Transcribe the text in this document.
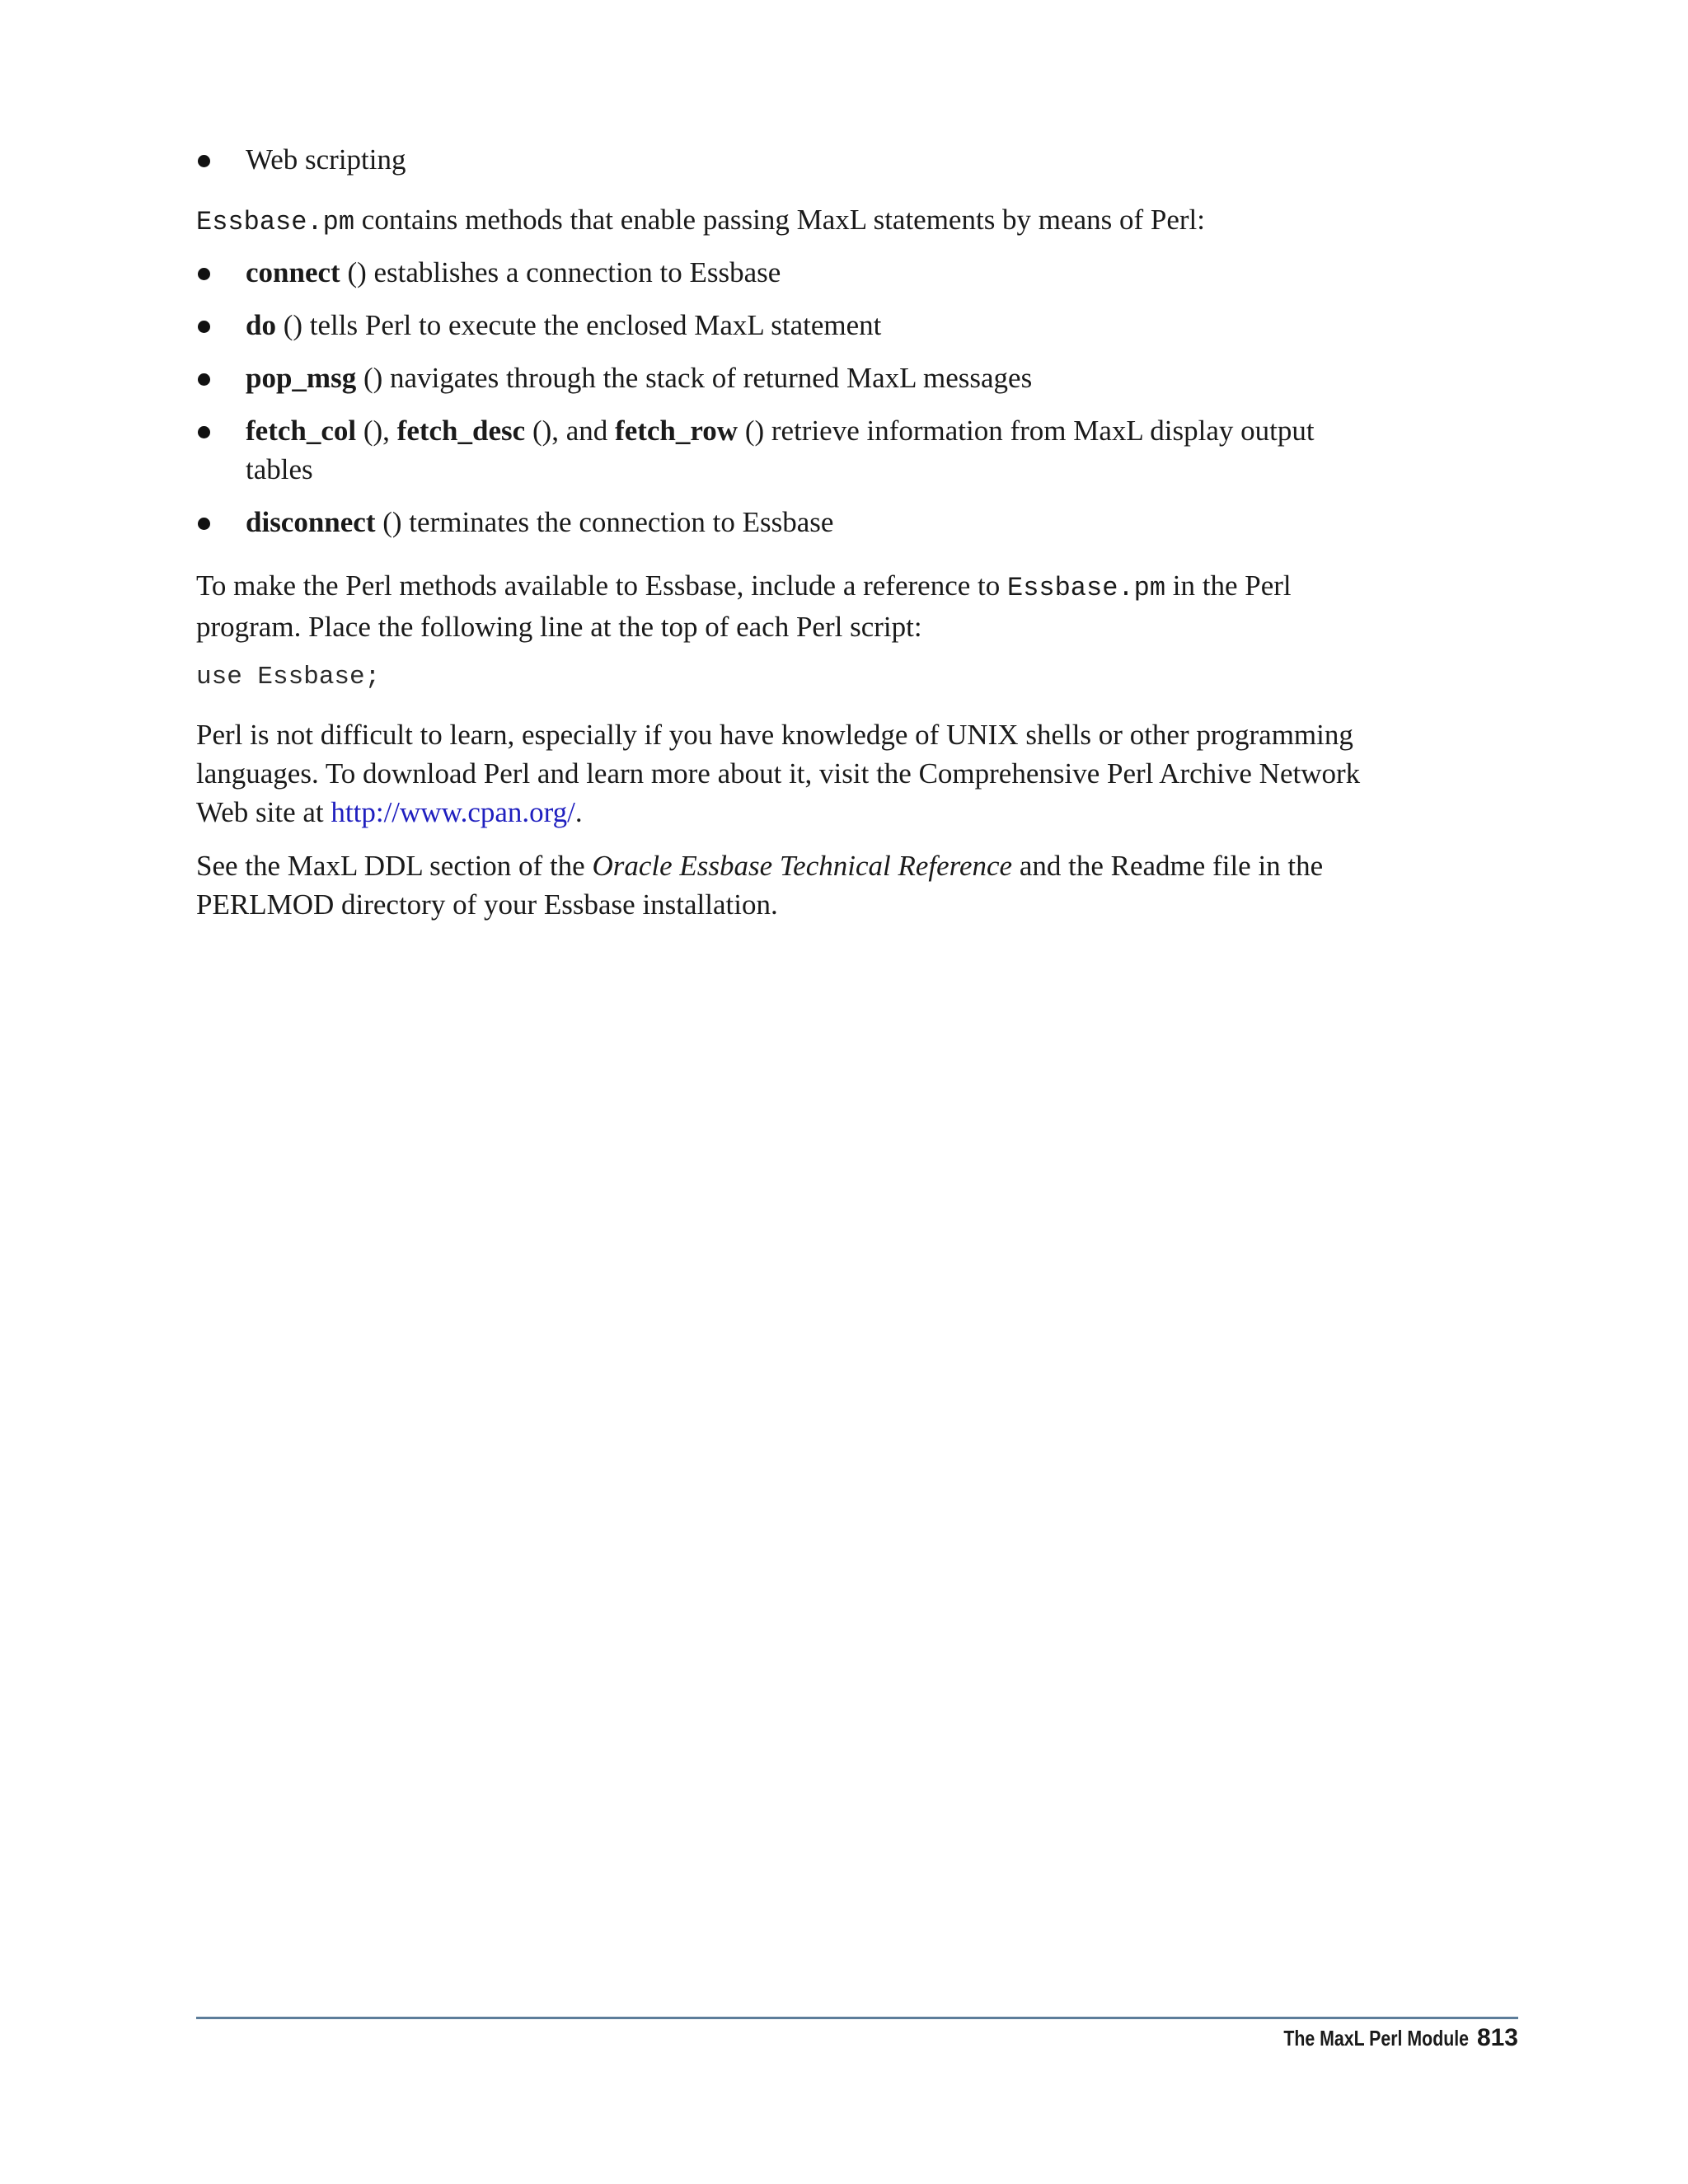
Web scripting

Essbase.pm contains methods that enable passing MaxL statements by means of Perl:

connect () establishes a connection to Essbase
do () tells Perl to execute the enclosed MaxL statement
pop_msg () navigates through the stack of returned MaxL messages
fetch_col (), fetch_desc (), and fetch_row () retrieve information from MaxL display output tables
disconnect () terminates the connection to Essbase

To make the Perl methods available to Essbase, include a reference to Essbase.pm in the Perl program. Place the following line at the top of each Perl script:

use Essbase;

Perl is not difficult to learn, especially if you have knowledge of UNIX shells or other programming languages. To download Perl and learn more about it, visit the Comprehensive Perl Archive Network Web site at http://www.cpan.org/.

See the MaxL DDL section of the Oracle Essbase Technical Reference and the Readme file in the PERLMOD directory of your Essbase installation.

The MaxL Perl Module 813
